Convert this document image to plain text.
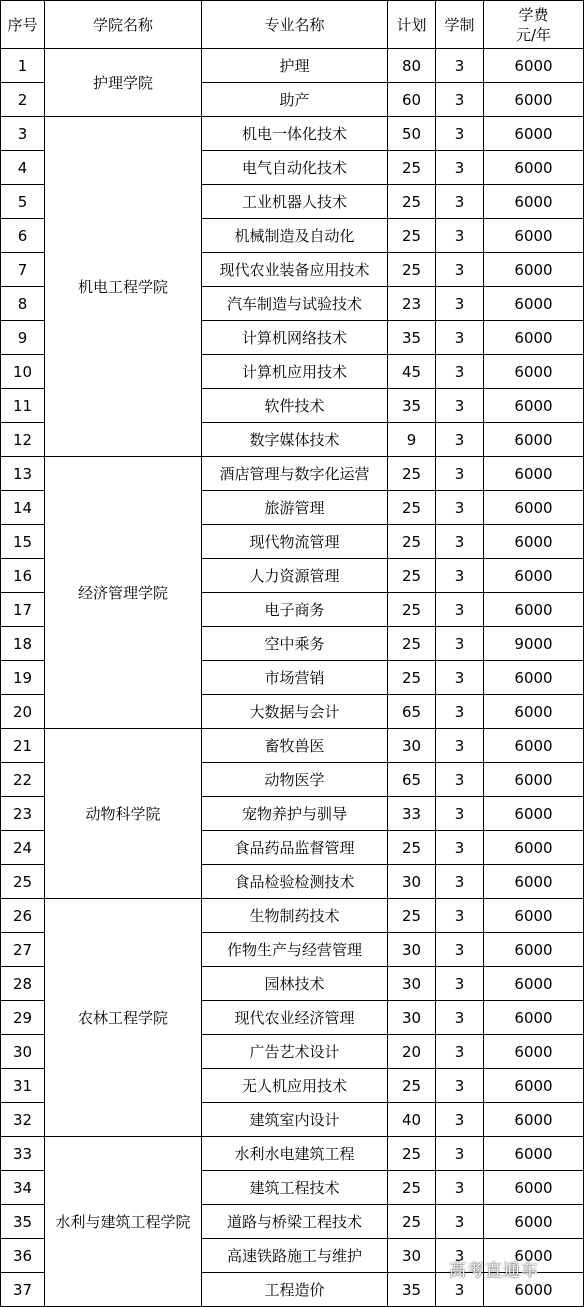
序号	学院名称	专业名称	计划	学制	学费
元/年

1	护理学院	护理	80	3	6000
2		助产	60	3	6000
3	机电工程学院	机电一体化技术	50	3	6000
4		电气自动化技术	25	3	6000
5		工业机器人技术	25	3	6000
6		机械制造及自动化	25	3	6000
7		现代农业装备应用技术	25	3	6000
8		汽车制造与试验技术	23	3	6000
9		计算机网络技术	35	3	6000
10		计算机应用技术	45	3	6000
11		软件技术	35	3	6000
12		数字媒体技术	9	3	6000
13	经济管理学院	酒店管理与数字化运营	25	3	6000
14		旅游管理	25	3	6000
15		现代物流管理	25	3	6000
16		人力资源管理	25	3	6000
17		电子商务	25	3	6000
18		空中乘务	25	3	9000
19		市场营销	25	3	6000
20		大数据与会计	65	3	6000
21	动物科学院	畜牧兽医	30	3	6000
22		动物医学	65	3	6000
23		宠物养护与驯导	33	3	6000
24		食品药品监督管理	25	3	6000
25		食品检验检测技术	30	3	6000
26	农林工程学院	生物制药技术	25	3	6000
27		作物生产与经营管理	30	3	6000
28		园林技术	30	3	6000
29		现代农业经济管理	30	3	6000
30		广告艺术设计	20	3	6000
31		无人机应用技术	25	3	6000
32		建筑室内设计	40	3	6000
33	水利与建筑工程学院	水利水电建筑工程	25	3	6000
34		建筑工程技术	25	3	6000
35		道路与桥梁工程技术	25	3	6000
36		高速铁路施工与维护	30	3	6000
37		工程造价	35	3	6000
高考直通车
